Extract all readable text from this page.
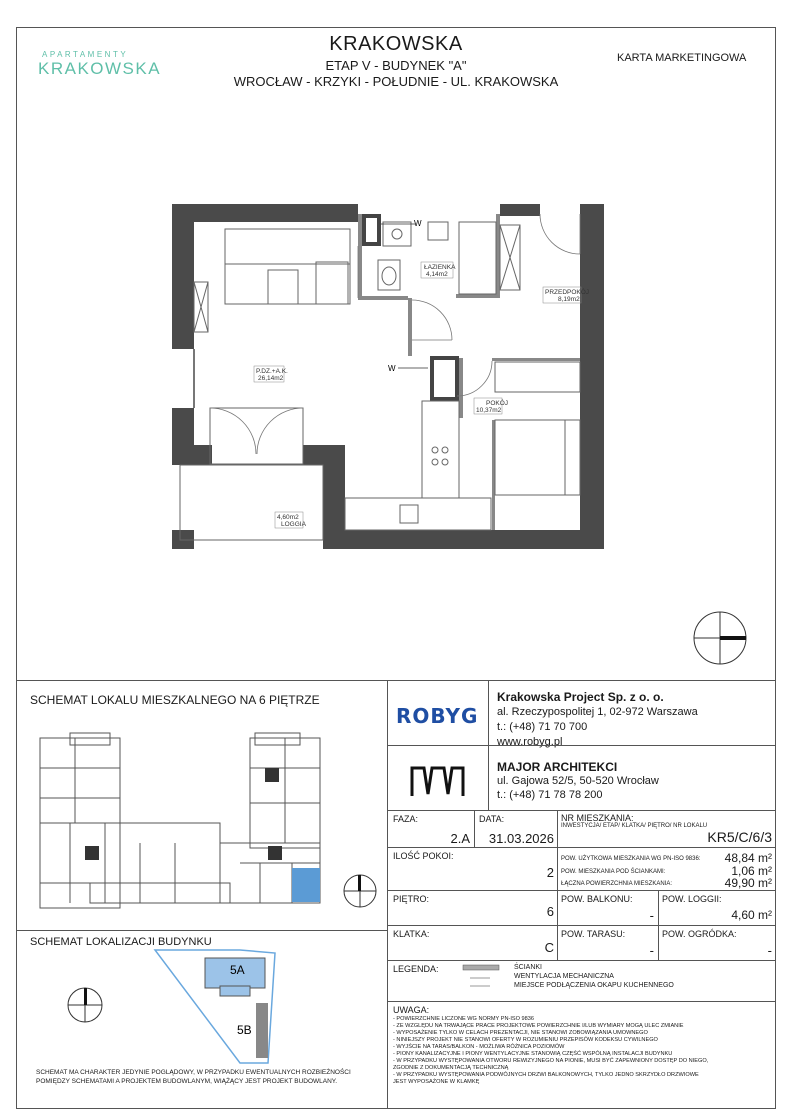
APARTAMENTY
KRAKOWSKA
KRAKOWSKA
ETAP V - BUDYNEK "A"
WROCŁAW - KRZYKI - POŁUDNIE - UL. KRAKOWSKA
KARTA MARKETINGOWA
W
W
P.DZ.+A.K.
26,14m2
ŁAZIENKA
4,14m2
PRZEDPOKÓJ
8,19m2
POKÓJ
10,37m2
4,60m2
LOGGIA
SCHEMAT LOKALU MIESZKALNEGO NA 6 PIĘTRZE
SCHEMAT LOKALIZACJI BUDYNKU
5A
5B
SCHEMAT MA CHARAKTER JEDYNIE POGLĄDOWY, W PRZYPADKU EWENTUALNYCH ROZBIEŻNOŚCI POMIĘDZY SCHEMATAMI A PROJEKTEM BUDOWLANYM, WIĄŻĄCY JEST PROJEKT BUDOWLANY.
ROBYG
Krakowska Project Sp. z o. o.
al. Rzeczypospolitej 1, 02-972 Warszawa
t.: (+48) 71 70 700
www.robyg.pl
MAJOR ARCHITEKCI
ul. Gajowa 52/5, 50-520 Wrocław
t.: (+48) 71 78 78 200
FAZA:
2.A
DATA:
31.03.2026
NR MIESZKANIA:
INWESTYCJA/ ETAP/ KLATKA/ PIĘTRO/ NR LOKALU
KR5/C/6/3
ILOŚĆ POKOI:
2
POW. UŻYTKOWA MIESZKANIA WG PN-ISO 9836:	48,84 m²
POW. MIESZKANIA POD ŚCIANKAMI:	1,06 m²
ŁĄCZNA POWIERZCHNIA MIESZKANIA:	49,90 m²
PIĘTRO:
6
POW. BALKONU:
-
POW. LOGGII:
4,60 m²
KLATKA:
C
POW. TARASU:
-
POW. OGRÓDKA:
-
LEGENDA:	ŚCIANKI
WENTYLACJA MECHANICZNA
MIEJSCE PODŁĄCZENIA OKAPU KUCHENNEGO
UWAGA:
- POWIERZCHNIE LICZONE WG NORMY PN-ISO 9836
- ZE WZGLĘDU NA TRWAJĄCE PRACE PROJEKTOWE POWIERZCHNIE I/LUB WYMIARY MOGĄ ULEC ZMIANIE
- WYPOSAŻENIE TYLKO W CELACH PREZENTACJI, NIE STANOWI ZOBOWIĄZANIA UMOWNEGO
- NINIEJSZY PROJEKT NIE STANOWI OFERTY W ROZUMIENIU PRZEPISÓW KODEKSU CYWILNEGO
- WYJŚCIE NA TARAS/BALKON - MOŻLIWA RÓŻNICA POZIOMÓW
- PIONY KANALIZACYJNE I PIONY WENTYLACYJNE STANOWIĄ CZĘŚĆ WSPÓLNĄ INSTALACJI BUDYNKU
- W PRZYPADKU WYSTĘPOWANIA OTWORU REWIZYJNEGO NA PIONIE, MUSI BYĆ ZAPEWNIONY DOSTĘP DO NIEGO, ZGODNIE Z DOKUMENTACJĄ TECHNICZNĄ
- W PRZYPADKU WYSTĘPOWANIA PODWÓJNYCH DRZWI BALKONOWYCH, TYLKO JEDNO SKRZYDŁO DRZWIOWE JEST WYPOSAŻONE W KLAMKĘ
